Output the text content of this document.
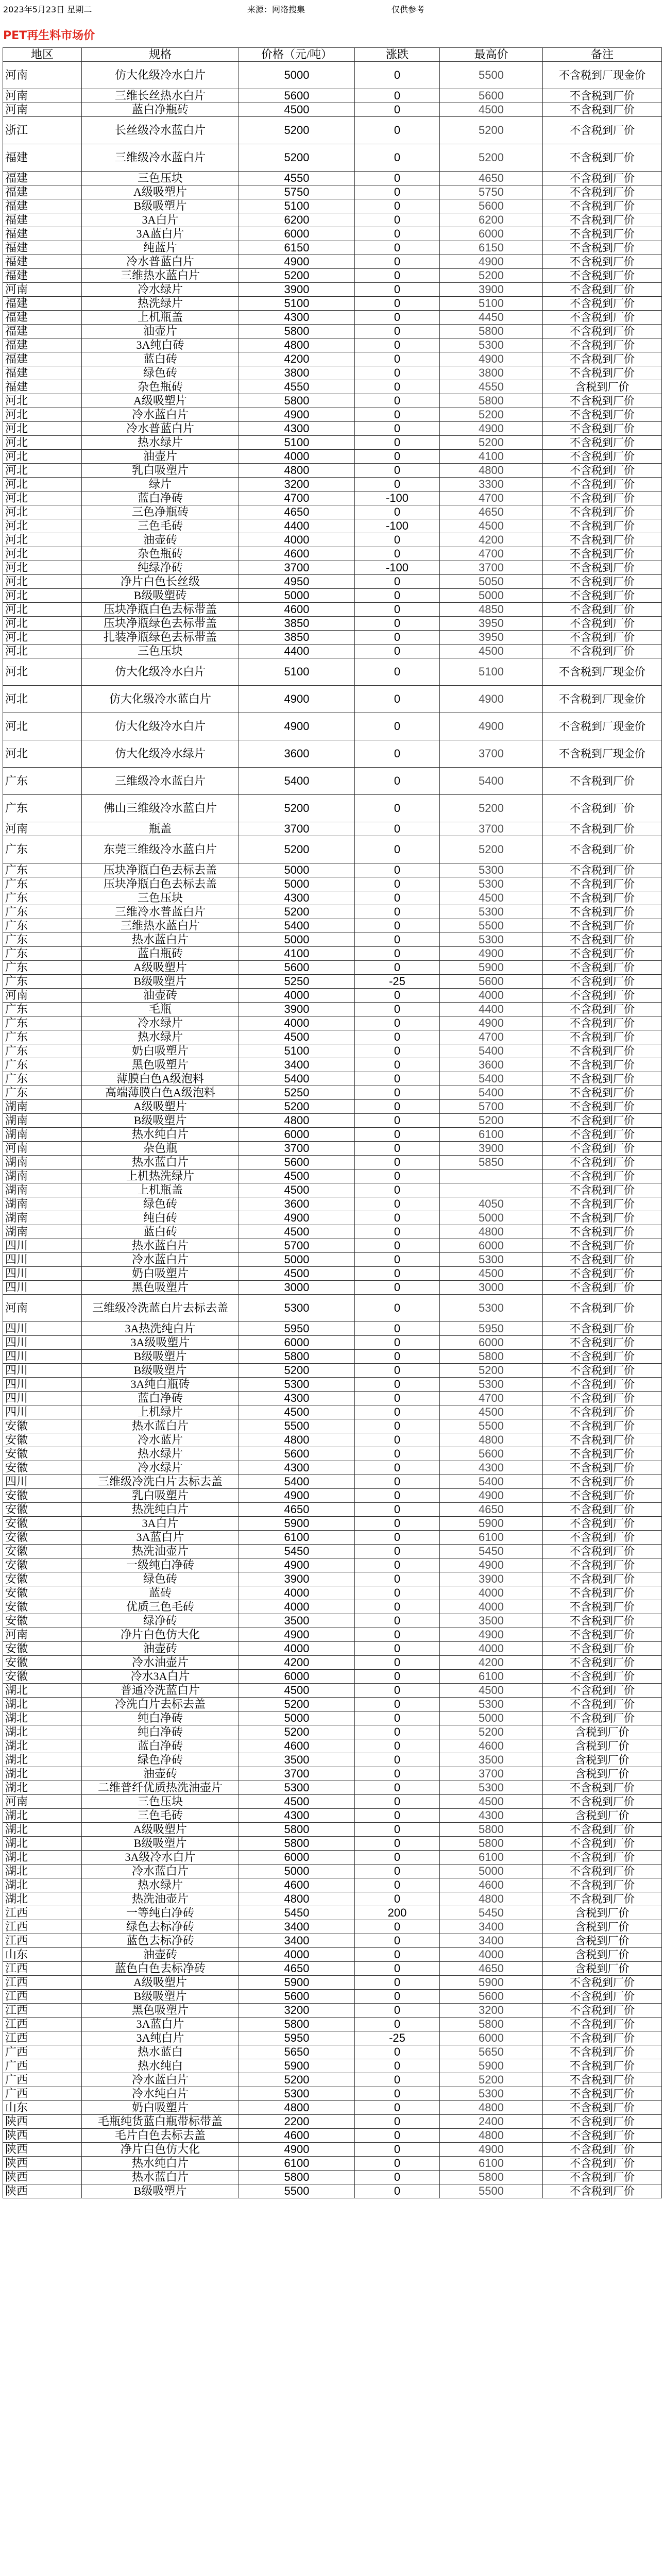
2023年5月23日 星期二	来源：网络搜集	仅供参考
PET再生料市场价
地区	规格	价格（元/吨）	涨跌	最高价	备注
河南	仿大化级冷水白片	5000	0	5500	不含税到厂现金价
河南	三维长丝热水白片	5600	0	5600	不含税到厂价
河南	蓝白净瓶砖	4500	0	4500	不含税到厂价
浙江	长丝级冷水蓝白片	5200	0	5200	不含税到厂价
福建	三维级冷水蓝白片	5200	0	5200	不含税到厂价
福建	三色压块	4550	0	4650	不含税到厂价
福建	A级吸塑片	5750	0	5750	不含税到厂价
福建	B级吸塑片	5100	0	5600	不含税到厂价
福建	3A白片	6200	0	6200	不含税到厂价
福建	3A蓝白片	6000	0	6000	不含税到厂价
福建	纯蓝片	6150	0	6150	不含税到厂价
福建	冷水普蓝白片	4900	0	4900	不含税到厂价
福建	三维热水蓝白片	5200	0	5200	不含税到厂价
河南	冷水绿片	3900	0	3900	不含税到厂价
福建	热洗绿片	5100	0	5100	不含税到厂价
福建	上机瓶盖	4300	0	4450	不含税到厂价
福建	油壶片	5800	0	5800	不含税到厂价
福建	3A纯白砖	4800	0	5300	不含税到厂价
福建	蓝白砖	4200	0	4900	不含税到厂价
福建	绿色砖	3800	0	3800	不含税到厂价
福建	杂色瓶砖	4550	0	4550	含税到厂价
河北	A级吸塑片	5800	0	5800	不含税到厂价
河北	冷水蓝白片	4900	0	5200	不含税到厂价
河北	冷水普蓝白片	4300	0	4900	不含税到厂价
河北	热水绿片	5100	0	5200	不含税到厂价
河北	油壶片	4000	0	4100	不含税到厂价
河北	乳白吸塑片	4800	0	4800	不含税到厂价
河北	绿片	3200	0	3300	不含税到厂价
河北	蓝白净砖	4700	-100	4700	不含税到厂价
河北	三色净瓶砖	4650	0	4650	不含税到厂价
河北	三色毛砖	4400	-100	4500	不含税到厂价
河北	油壶砖	4000	0	4200	不含税到厂价
河北	杂色瓶砖	4600	0	4700	不含税到厂价
河北	纯绿净砖	3700	-100	3700	不含税到厂价
河北	净片白色长丝级	4950	0	5050	不含税到厂价
河北	B级吸塑砖	5000	0	5000	不含税到厂价
河北	压块净瓶白色去标带盖	4600	0	4850	不含税到厂价
河北	压块净瓶绿色去标带盖	3850	0	3950	不含税到厂价
河北	扎装净瓶绿色去标带盖	3850	0	3950	不含税到厂价
河北	三色压块	4400	0	4500	不含税到厂价
河北	仿大化级冷水白片	5100	0	5100	不含税到厂现金价
河北	仿大化级冷水蓝白片	4900	0	4900	不含税到厂现金价
河北	仿大化级冷水白片	4900	0	4900	不含税到厂现金价
河北	仿大化级冷水绿片	3600	0	3700	不含税到厂现金价
广东	三维级冷水蓝白片	5400	0	5400	不含税到厂价
广东	佛山三维级冷水蓝白片	5200	0	5200	不含税到厂价
河南	瓶盖	3700	0	3700	不含税到厂价
广东	东莞三维级冷水蓝白片	5200	0	5200	不含税到厂价
广东	压块净瓶白色去标去盖	5000	0	5300	不含税到厂价
广东	压块净瓶白色去标去盖	5000	0	5300	不含税到厂价
广东	三色压块	4300	0	4500	不含税到厂价
广东	三维冷水普蓝白片	5200	0	5300	不含税到厂价
广东	三维热水蓝白片	5400	0	5500	不含税到厂价
广东	热水蓝白片	5000	0	5300	不含税到厂价
广东	蓝白瓶砖	4100	0	4900	不含税到厂价
广东	A级吸塑片	5600	0	5900	不含税到厂价
广东	B级吸塑片	5250	-25	5600	不含税到厂价
河南	油壶砖	4000	0	4000	不含税到厂价
广东	毛瓶	3900	0	4400	不含税到厂价
广东	冷水绿片	4000	0	4900	不含税到厂价
广东	热水绿片	4500	0	4700	不含税到厂价
广东	奶白吸塑片	5100	0	5400	不含税到厂价
广东	黑色吸塑片	3400	0	3600	不含税到厂价
广东	薄膜白色A级泡料	5400	0	5400	不含税到厂价
广东	高端薄膜白色A级泡料	5250	0	5400	不含税到厂价
湖南	A级吸塑片	5200	0	5700	不含税到厂价
湖南	B级吸塑片	4800	0	5200	不含税到厂价
湖南	热水纯白片	6000	0	6100	不含税到厂价
河南	杂色瓶	3700	0	3900	不含税到厂价
湖南	热水蓝白片	5600	0	5850	不含税到厂价
湖南	上机热洗绿片	4500	0		不含税到厂价
湖南	上机瓶盖	4500	0		不含税到厂价
湖南	绿色砖	3600	0	4050	不含税到厂价
湖南	纯白砖	4900	0	5000	不含税到厂价
湖南	蓝白砖	4500	0	4800	不含税到厂价
四川	热水蓝白片	5700	0	6000	不含税到厂价
四川	冷水蓝白片	5000	0	5300	不含税到厂价
四川	奶白吸塑片	4500	0	4500	不含税到厂价
四川	黑色吸塑片	3000	0	3000	不含税到厂价
河南	三维级冷洗蓝白片去标去盖	5300	0	5300	不含税到厂价
四川	3A热洗纯白片	5950	0	5950	不含税到厂价
四川	3A级吸塑片	6000	0	6000	不含税到厂价
四川	B级吸塑片	5800	0	5800	不含税到厂价
四川	B级吸塑片	5200	0	5200	不含税到厂价
四川	3A纯白瓶砖	5300	0	5300	不含税到厂价
四川	蓝白净砖	4300	0	4700	不含税到厂价
四川	上机绿片	4500	0	4500	不含税到厂价
安徽	热水蓝白片	5500	0	5500	不含税到厂价
安徽	冷水蓝片	4800	0	4800	不含税到厂价
安徽	热水绿片	5600	0	5600	不含税到厂价
安徽	冷水绿片	4300	0	4300	不含税到厂价
四川	三维级冷洗白片去标去盖	5400	0	5400	不含税到厂价
安徽	乳白吸塑片	4900	0	4900	不含税到厂价
安徽	热洗纯白片	4650	0	4650	不含税到厂价
安徽	3A白片	5900	0	5900	不含税到厂价
安徽	3A蓝白片	6100	0	6100	不含税到厂价
安徽	热洗油壶片	5450	0	5450	不含税到厂价
安徽	一级纯白净砖	4900	0	4900	不含税到厂价
安徽	绿色砖	3900	0	3900	不含税到厂价
安徽	蓝砖	4000	0	4000	不含税到厂价
安徽	优质三色毛砖	4000	0	4000	不含税到厂价
安徽	绿净砖	3500	0	3500	不含税到厂价
河南	净片白色仿大化	4900	0	4900	不含税到厂价
安徽	油壶砖	4000	0	4000	不含税到厂价
安徽	冷水油壶片	4200	0	4200	不含税到厂价
安徽	冷水3A白片	6000	0	6100	不含税到厂价
湖北	普通冷洗蓝白片	4500	0	4500	不含税到厂价
湖北	冷洗白片去标去盖	5200	0	5300	不含税到厂价
湖北	纯白净砖	5000	0	5000	不含税到厂价
湖北	纯白净砖	5200	0	5200	含税到厂价
湖北	蓝白净砖	4600	0	4600	含税到厂价
湖北	绿色净砖	3500	0	3500	含税到厂价
湖北	油壶砖	3700	0	3700	含税到厂价
湖北	二维普纤优质热洗油壶片	5300	0	5300	不含税到厂价
河南	三色压块	4500	0	4500	不含税到厂价
湖北	三色毛砖	4300	0	4300	含税到厂价
湖北	A级吸塑片	5800	0	5800	不含税到厂价
湖北	B级吸塑片	5800	0	5800	不含税到厂价
湖北	3A级冷水白片	6000	0	6100	不含税到厂价
湖北	冷水蓝白片	5000	0	5000	不含税到厂价
湖北	热水绿片	4600	0	4600	不含税到厂价
湖北	热洗油壶片	4800	0	4800	不含税到厂价
江西	一等纯白净砖	5450	200	5450	含税到厂价
江西	绿色去标净砖	3400	0	3400	含税到厂价
江西	蓝色去标净砖	3400	0	3400	含税到厂价
山东	油壶砖	4000	0	4000	含税到厂价
江西	蓝色白色去标净砖	4650	0	4650	含税到厂价
江西	A级吸塑片	5900	0	5900	不含税到厂价
江西	B级吸塑片	5600	0	5600	不含税到厂价
江西	黑色吸塑片	3200	0	3200	不含税到厂价
江西	3A蓝白片	5800	0	5800	不含税到厂价
江西	3A纯白片	5950	-25	6000	不含税到厂价
广西	热水蓝白	5650	0	5650	不含税到厂价
广西	热水纯白	5900	0	5900	不含税到厂价
广西	冷水蓝白片	5200	0	5200	不含税到厂价
广西	冷水纯白片	5300	0	5300	不含税到厂价
山东	奶白吸塑片	4800	0	4800	不含税到厂价
陕西	毛瓶纯货蓝白瓶带标带盖	2200	0	2400	不含税到厂价
陕西	毛片白色去标去盖	4600	0	4800	不含税到厂价
陕西	净片白色仿大化	4900	0	4900	不含税到厂价
陕西	热水纯白片	6100	0	6100	不含税到厂价
陕西	热水蓝白片	5800	0	5800	不含税到厂价
陕西	B级吸塑片	5500	0	5500	不含税到厂价
